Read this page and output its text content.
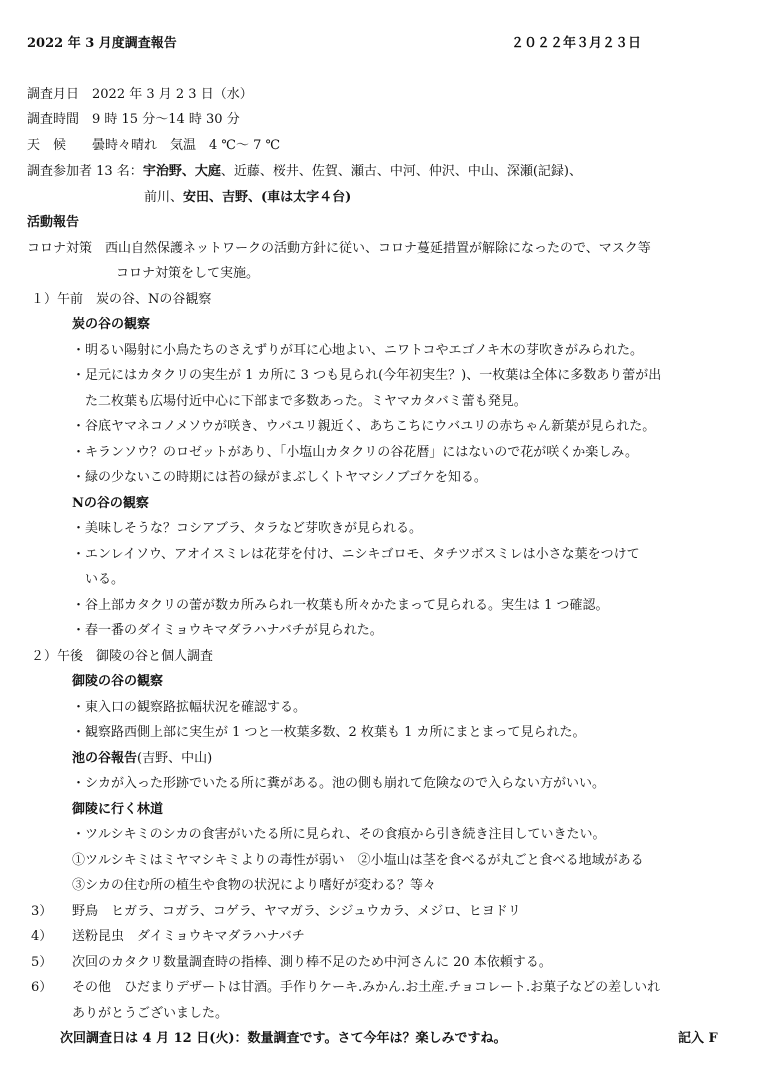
2022 年 3 月度調査報告	２０２２年３月２３日
調査月日　2022 年 3 月 2 3 日（水）
調査時間　9 時 15 分～14 時 30 分
天　候　　曇時々晴れ　気温　4 ℃～ 7 ℃
調査参加者 13 名：宇治野、大庭、近藤、桜井、佐賀、瀬古、中河、仲沢、中山、深瀬(記録)、
前川、安田、吉野、(車は太字４台)
活動報告
コロナ対策　西山自然保護ネットワークの活動方針に従い、コロナ蔓延措置が解除になったので、マスク等
コロナ対策をして実施。
１）午前　炭の谷、Nの谷観察
炭の谷の観察
・明るい陽射に小鳥たちのさえずりが耳に心地よい、ニワトコやエゴノキ木の芽吹きがみられた。
・足元にはカタクリの実生が 1 カ所に 3 つも見られ(今年初実生？)、一枚葉は全体に多数あり蕾が出
た二枚葉も広場付近中心に下部まで多数あった。ミヤマカタバミ蕾も発見。
・谷底ヤマネコノメソウが咲き、ウバユリ親近く、あちこちにウバユリの赤ちゃん新葉が見られた。
・キランソウ？のロゼットがあり、「小塩山カタクリの谷花暦」にはないので花が咲くか楽しみ。
・緑の少ないこの時期には苔の緑がまぶしくトヤマシノブゴケを知る。
Nの谷の観察
・美味しそうな？コシアブラ、タラなど芽吹きが見られる。
・エンレイソウ、アオイスミレは花芽を付け、ニシキゴロモ、タチツボスミレは小さな葉をつけて
いる。
・谷上部カタクリの蕾が数カ所みられ一枚葉も所々かたまって見られる。実生は 1 つ確認。
・春一番のダイミョウキマダラハナバチが見られた。
２）午後　御陵の谷と個人調査
御陵の谷の観察
・東入口の観察路拡幅状況を確認する。
・観察路西側上部に実生が 1 つと一枚葉多数、2 枚葉も 1 カ所にまとまって見られた。
池の谷報告(吉野、中山)
・シカが入った形跡でいたる所に糞がある。池の側も崩れて危険なので入らない方がいい。
御陵に行く林道
・ツルシキミのシカの食害がいたる所に見られ、その食痕から引き続き注目していきたい。
①ツルシキミはミヤマシキミよりの毒性が弱い　②小塩山は茎を食べるが丸ごと食べる地域がある
③シカの住む所の植生や食物の状況により嗜好が変わる？等々
3） 野鳥　ヒガラ、コガラ、コゲラ、ヤマガラ、シジュウカラ、メジロ、ヒヨドリ
4） 送粉昆虫　ダイミョウキマダラハナバチ
5） 次回のカタクリ数量調査時の指棒、測り棒不足のため中河さんに 20 本依頼する。
6） その他　ひだまりデザートは甘酒。手作りケーキ.みかん.お土産.チョコレート.お菓子などの差しいれ
ありがとうございました。
次回調査日は 4 月 12 日(火)：数量調査です。さて今年は？楽しみですね。	記入 F
